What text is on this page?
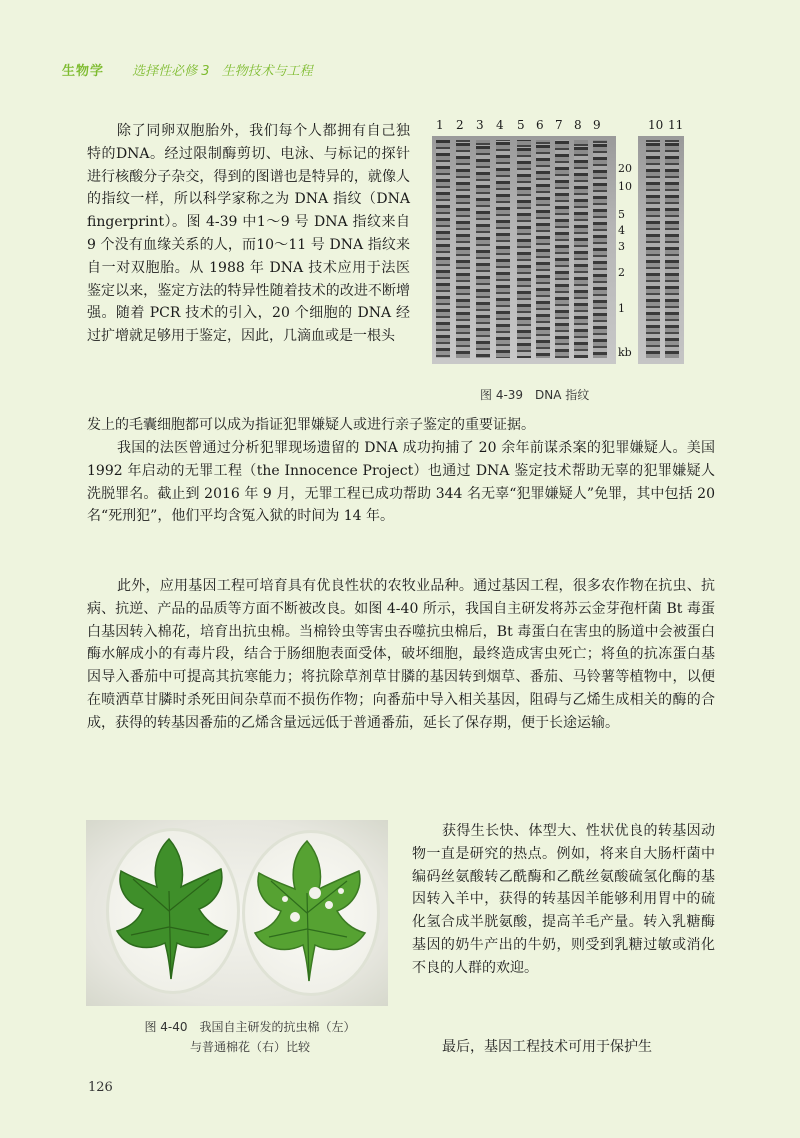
生物学 选择性必修 3 生物技术与工程
除了同卵双胞胎外，我们每个人都拥有自己独特的DNA。经过限制酶剪切、电泳、与标记的探针进行核酸分子杂交，得到的图谱也是特异的，就像人的指纹一样，所以科学家称之为 DNA 指纹（DNA fingerprint）。图 4-39 中1～9 号 DNA 指纹来自 9 个没有血缘关系的人，而10～11 号 DNA 指纹来自一对双胞胎。从 1988 年 DNA 技术应用于法医鉴定以来，鉴定方法的特异性随着技术的改进不断增强。随着 PCR 技术的引入，20 个细胞的 DNA 经过扩增就足够用于鉴定，因此，几滴血或是一根头
发上的毛囊细胞都可以成为指证犯罪嫌疑人或进行亲子鉴定的重要证据。
我国的法医曾通过分析犯罪现场遗留的 DNA 成功拘捕了 20 余年前谋杀案的犯罪嫌疑人。美国 1992 年启动的无罪工程（the Innocence Project）也通过 DNA 鉴定技术帮助无辜的犯罪嫌疑人洗脱罪名。截止到 2016 年 9 月，无罪工程已成功帮助 344 名无辜“犯罪嫌疑人”免罪，其中包括 20 名“死刑犯”，他们平均含冤入狱的时间为 14 年。
此外，应用基因工程可培育具有优良性状的农牧业品种。通过基因工程，很多农作物在抗虫、抗病、抗逆、产品的品质等方面不断被改良。如图 4-40 所示，我国自主研发将苏云金芽孢杆菌 Bt 毒蛋白基因转入棉花，培育出抗虫棉。当棉铃虫等害虫吞噬抗虫棉后，Bt 毒蛋白在害虫的肠道中会被蛋白酶水解成小的有毒片段，结合于肠细胞表面受体，破坏细胞，最终造成害虫死亡；将鱼的抗冻蛋白基因导入番茄中可提高其抗寒能力；将抗除草剂草甘膦的基因转到烟草、番茄、马铃薯等植物中，以便在喷洒草甘膦时杀死田间杂草而不损伤作物；向番茄中导入相关基因，阻碍与乙烯生成相关的酶的合成，获得的转基因番茄的乙烯含量远远低于普通番茄，延长了保存期，便于长途运输。
1 2 3 4 5 6 7 8 9	10 11
20
10
5
4
3
2
1
kb
图 4-39　DNA 指纹
图 4-40　我国自主研发的抗虫棉（左）
与普通棉花（右）比较
获得生长快、体型大、性状优良的转基因动物一直是研究的热点。例如，将来自大肠杆菌中编码丝氨酸转乙酰酶和乙酰丝氨酸硫氢化酶的基因转入羊中，获得的转基因羊能够利用胃中的硫化氢合成半胱氨酸，提高羊毛产量。转入乳糖酶基因的奶牛产出的牛奶，则受到乳糖过敏或消化不良的人群的欢迎。
最后，基因工程技术可用于保护生
126
